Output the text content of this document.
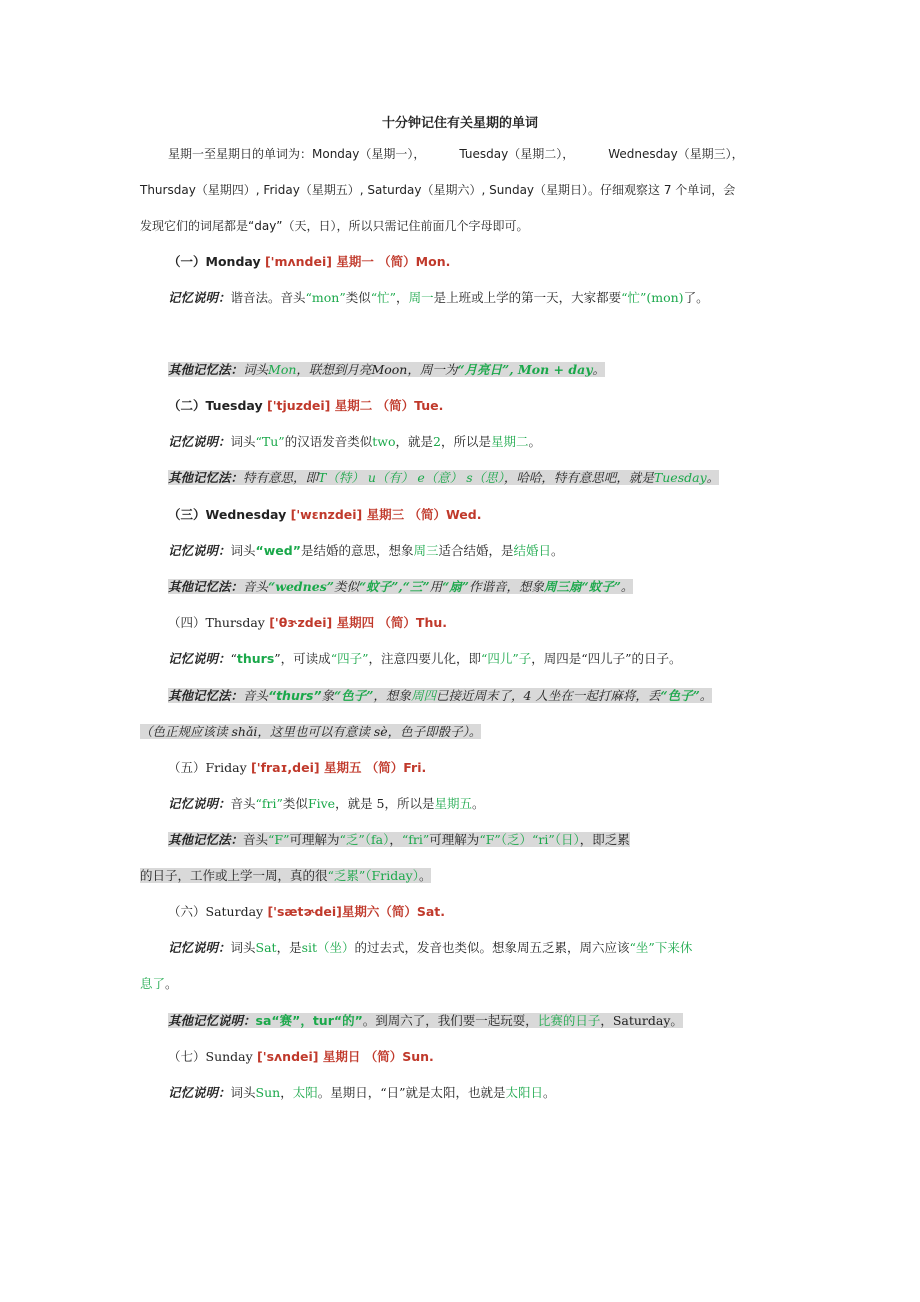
十分钟记住有关星期的单词
星期一至星期日的单词为：Monday（星期一），	Tuesday（星期二），	Wednesday（星期三），
Thursday（星期四）, Friday（星期五）, Saturday（星期六）, Sunday（星期日）。仔细观察这 7 个单词，会
发现它们的词尾都是“day”（天，日），所以只需记住前面几个字母即可。
（一）Monday ['mʌndei] 星期一 （简）Mon.
记忆说明：谐音法。音头“mon”类似“忙”，周一是上班或上学的第一天，大家都要“忙”(mon)了。
其他记忆法：词头Mon，联想到月亮Moon，周一为“月亮日”, Mon + day。
（二）Tuesday ['tjuzdei] 星期二 （简）Tue.
记忆说明：词头“Tu”的汉语发音类似two，就是2，所以是星期二。
其他记忆法：特有意思，即T（特） u（有） e（意） s（思），哈哈，特有意思吧，就是Tuesday。
（三）Wednesday ['wɛnzdei] 星期三 （简）Wed.
记忆说明：词头“wed”是结婚的意思，想象周三适合结婚，是结婚日。
其他记忆法：音头“wednes”类似“蚊子”,“三”用“扇”作谐音，想象周三扇“蚊子”。
（四）Thursday ['θɝzdei] 星期四 （简）Thu.
记忆说明：“thurs”，可读成“四子”，注意四要儿化，即“四儿”子，周四是“四儿子”的日子。
其他记忆法：音头“thurs”象“色子”，想象周四已接近周末了，4 人坐在一起打麻将，丢“色子”。
（色正规应该读 shǎi，这里也可以有意读 sè，色子即骰子）。
（五）Friday ['fraɪ,dei] 星期五 （简）Fri.
记忆说明：音头“fri”类似Five，就是 5，所以是星期五。
其他记忆法：音头“F”可理解为“乏”（fa），“fri”可理解为“F”（乏）“ri”（日），即乏累
的日子，工作或上学一周，真的很“乏累”（Friday）。
（六）Saturday ['sætɚdei]星期六（简）Sat.
记忆说明：词头Sat，是sit（坐）的过去式，发音也类似。想象周五乏累，周六应该“坐”下来休
息了。
其他记忆说明：sa“赛”，tur“的”。到周六了，我们要一起玩耍，比赛的日子，Saturday。
（七）Sunday ['sʌndei] 星期日 （简）Sun.
记忆说明：词头Sun，太阳。星期日，“日”就是太阳，也就是太阳日。
